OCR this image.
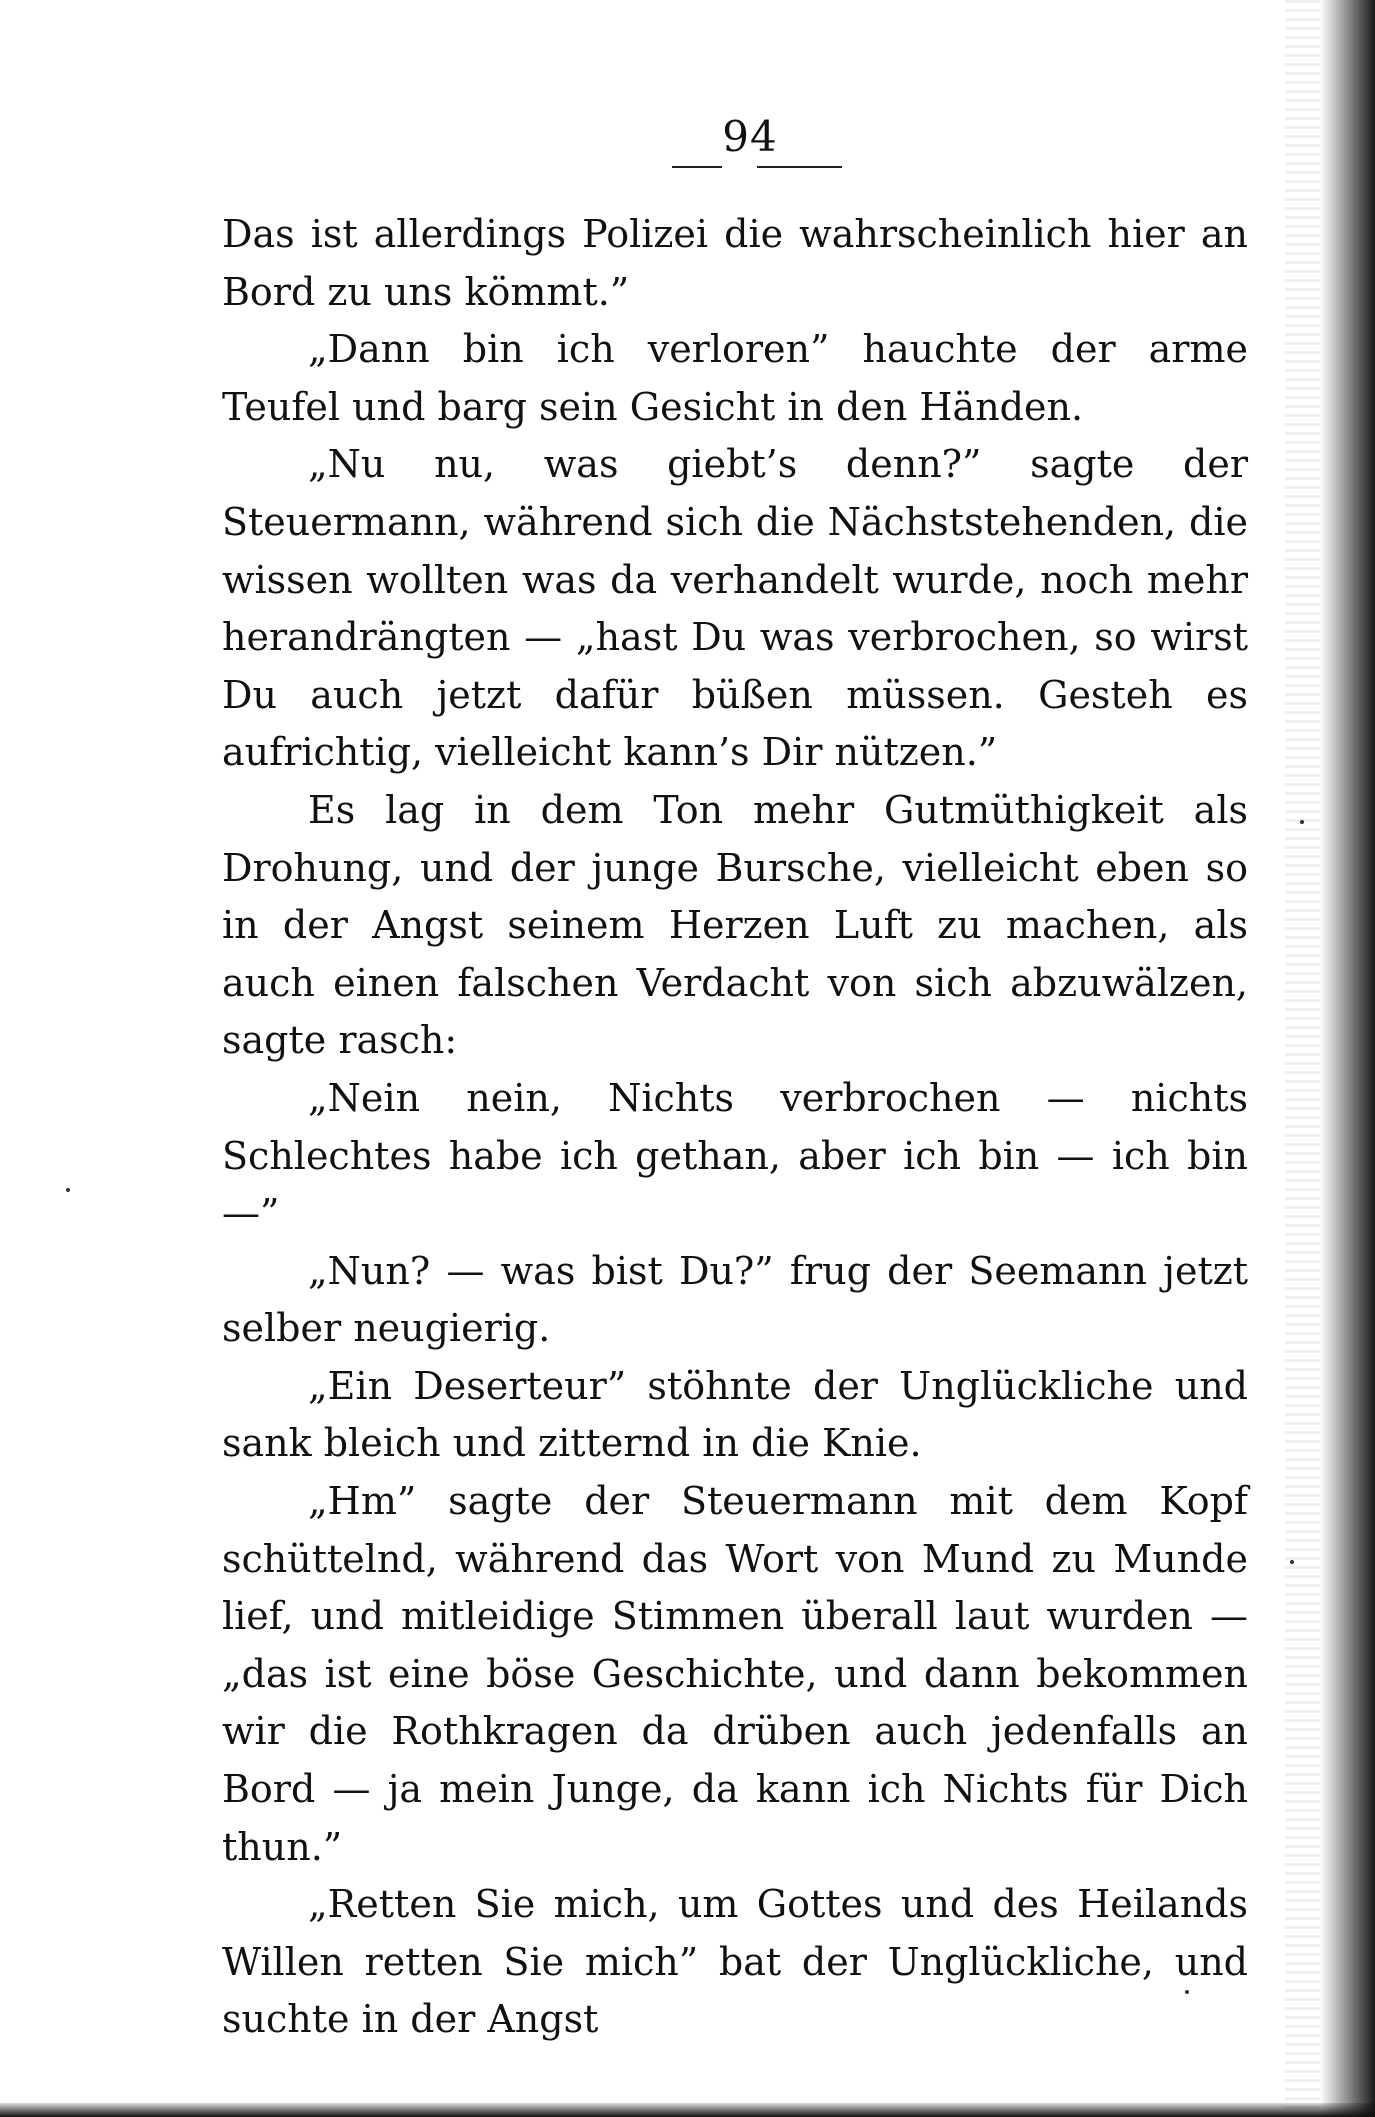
94

Das ist allerdings Polizei die wahrscheinlich hier an Bord zu uns kömmt.”

„Dann bin ich verloren” hauchte der arme Teufel und barg sein Gesicht in den Händen.

„Nu nu, was giebt’s denn?” sagte der Steuermann, während sich die Nächststehenden, die wissen wollten was da verhandelt wurde, noch mehr herandrängten — „hast Du was verbrochen, so wirst Du auch jetzt dafür büßen müssen. Gesteh es aufrichtig, vielleicht kann’s Dir nützen.”

Es lag in dem Ton mehr Gutmüthigkeit als Drohung, und der junge Bursche, vielleicht eben so in der Angst seinem Herzen Luft zu machen, als auch einen falschen Verdacht von sich abzuwälzen, sagte rasch:

„Nein nein, Nichts verbrochen — nichts Schlechtes habe ich gethan, aber ich bin — ich bin —”

„Nun? — was bist Du?” frug der Seemann jetzt selber neugierig.

„Ein Deserteur” stöhnte der Unglückliche und sank bleich und zitternd in die Knie.

„Hm” sagte der Steuermann mit dem Kopf schüttelnd, während das Wort von Mund zu Munde lief, und mitleidige Stimmen überall laut wurden — „das ist eine böse Geschichte, und dann bekommen wir die Rothkragen da drüben auch jedenfalls an Bord — ja mein Junge, da kann ich Nichts für Dich thun.”

„Retten Sie mich, um Gottes und des Heilands Willen retten Sie mich” bat der Unglückliche, und suchte in der Angst
